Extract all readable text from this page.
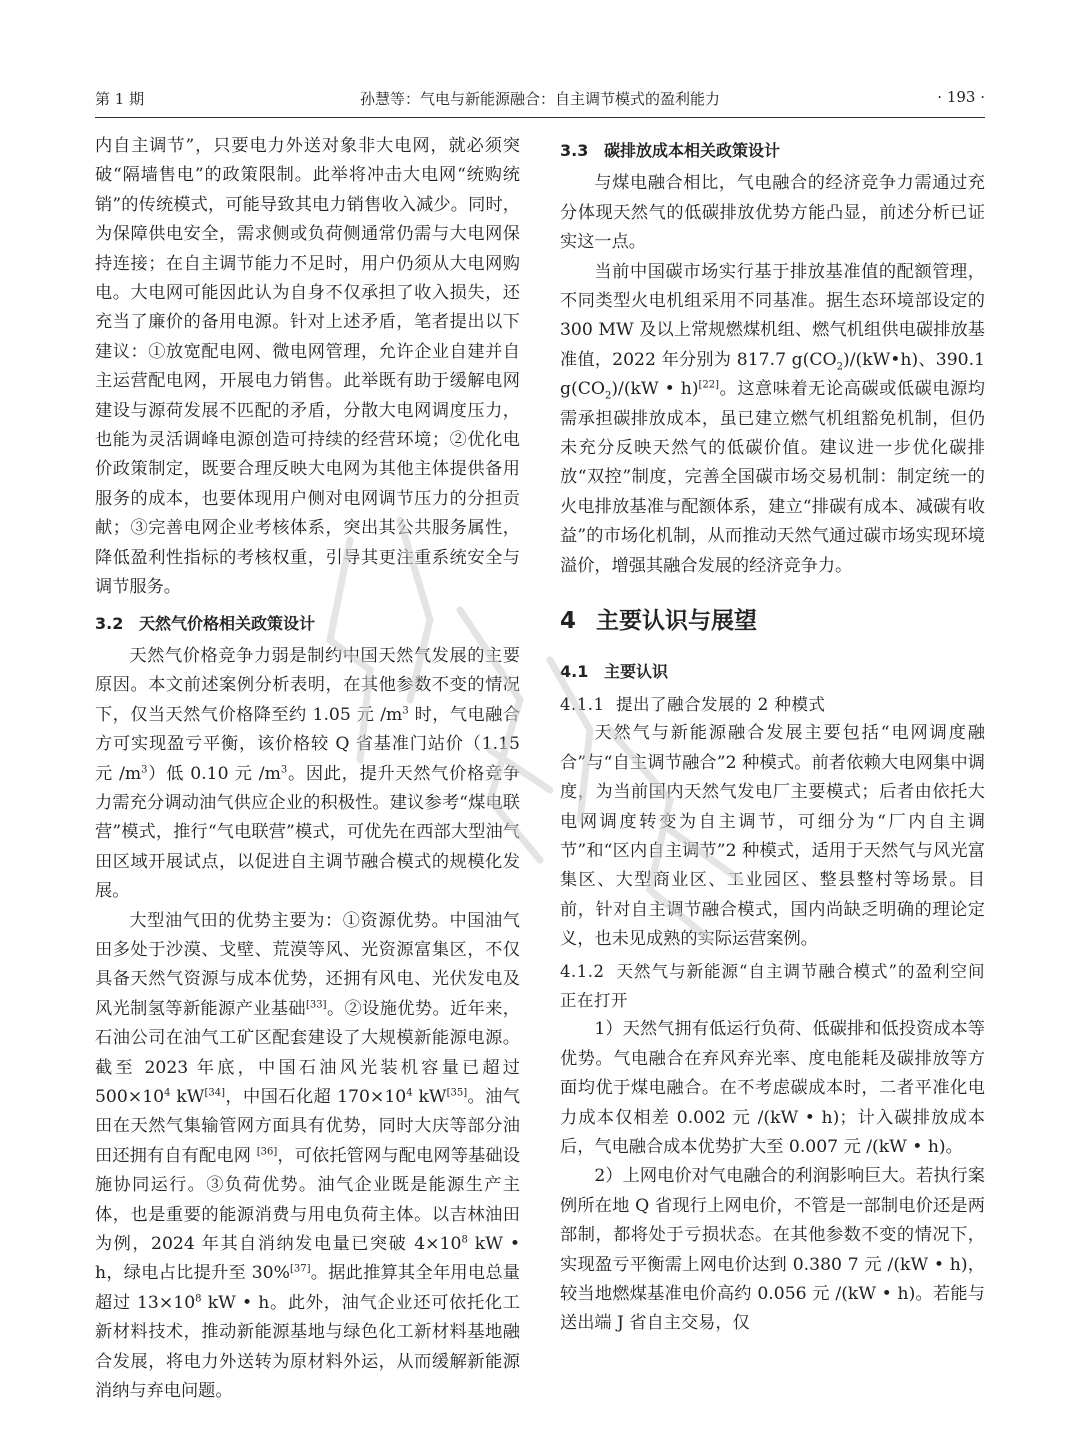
第 1 期	孙慧等：气电与新能源融合：自主调节模式的盈利能力	· 193 ·

内自主调节”，只要电力外送对象非大电网，就必须突破“隔墙售电”的政策限制。此举将冲击大电网“统购统销”的传统模式，可能导致其电力销售收入减少。同时，为保障供电安全，需求侧或负荷侧通常仍需与大电网保持连接；在自主调节能力不足时，用户仍须从大电网购电。大电网可能因此认为自身不仅承担了收入损失，还充当了廉价的备用电源。针对上述矛盾，笔者提出以下建议：①放宽配电网、微电网管理，允许企业自建并自主运营配电网，开展电力销售。此举既有助于缓解电网建设与源荷发展不匹配的矛盾，分散大电网调度压力，也能为灵活调峰电源创造可持续的经营环境；②优化电价政策制定，既要合理反映大电网为其他主体提供备用服务的成本，也要体现用户侧对电网调节压力的分担贡献；③完善电网企业考核体系，突出其公共服务属性，降低盈利性指标的考核权重，引导其更注重系统安全与调节服务。

3.2 天然气价格相关政策设计

天然气价格竞争力弱是制约中国天然气发展的主要原因。本文前述案例分析表明，在其他参数不变的情况下，仅当天然气价格降至约 1.05 元 $/m^3$ 时，气电融合方可实现盈亏平衡，该价格较 Q 省基准门站价（1.15 元 $/m^3$）低 0.10 元 $/m^3$。因此，提升天然气价格竞争力需充分调动油气供应企业的积极性。建议参考“煤电联营”模式，推行“气电联营”模式，可优先在西部大型油气田区域开展试点，以促进自主调节融合模式的规模化发展。

大型油气田的优势主要为：①资源优势。中国油气田多处于沙漠、戈壁、荒漠等风、光资源富集区，不仅具备天然气资源与成本优势，还拥有风电、光伏发电及风光制氢等新能源产业基础[33]。②设施优势。近年来，石油公司在油气工矿区配套建设了大规模新能源电源。截至 2023 年底，中国石油风光装机容量已超过 $500\times 10^4$ kW[34]，中国石化超 $170\times 10^4$ kW[35]。油气田在天然气集输管网方面具有优势，同时大庆等部分油田还拥有自有配电网 [36]，可依托管网与配电网等基础设施协同运行。③负荷优势。油气企业既是能源生产主体，也是重要的能源消费与用电负荷主体。以吉林油田为例，2024 年其自消纳发电量已突破 $4\times 10^8$ kW • h，绿电占比提升至 30%[37]。据此推算其全年用电总量超过 $13\times 10^8$ kW • h。此外，油气企业还可依托化工新材料技术，推动新能源基地与绿色化工新材料基地融合发展，将电力外送转为原材料外运，从而缓解新能源消纳与弃电问题。

3.3 碳排放成本相关政策设计

与煤电融合相比，气电融合的经济竞争力需通过充分体现天然气的低碳排放优势方能凸显，前述分析已证实这一点。

当前中国碳市场实行基于排放基准值的配额管理，不同类型火电机组采用不同基准。据生态环境部设定的 300 MW 及以上常规燃煤机组、燃气机组供电碳排放基准值，2022 年分别为 817.7 $g(CO_2)/(kW•h)$、390.1 $g(CO_2)/(kW$ • h)[22]。这意味着无论高碳或低碳电源均需承担碳排放成本，虽已建立燃气机组豁免机制，但仍未充分反映天然气的低碳价值。建议进一步优化碳排放“双控”制度，完善全国碳市场交易机制：制定统一的火电排放基准与配额体系，建立“排碳有成本、减碳有收益”的市场化机制，从而推动天然气通过碳市场实现环境溢价，增强其融合发展的经济竞争力。

4 主要认识与展望
4.1 主要认识
4.1.1 提出了融合发展的 2 种模式

天然气与新能源融合发展主要包括“电网调度融合”与“自主调节融合”2 种模式。前者依赖大电网集中调度，为当前国内天然气发电厂主要模式；后者由依托大电网调度转变为自主调节，可细分为“厂内自主调节”和“区内自主调节”2 种模式，适用于天然气与风光富集区、大型商业区、工业园区、整县整村等场景。目前，针对自主调节融合模式，国内尚缺乏明确的理论定义，也未见成熟的实际运营案例。

4.1.2 天然气与新能源“自主调节融合模式”的盈利空间正在打开

1）天然气拥有低运行负荷、低碳排和低投资成本等优势。气电融合在弃风弃光率、度电能耗及碳排放等方面均优于煤电融合。在不考虑碳成本时，二者平准化电力成本仅相差 0.002 元 /(kW • h)；计入碳排放成本后，气电融合成本优势扩大至 0.007 元 /(kW • h)。

2）上网电价对气电融合的利润影响巨大。若执行案例所在地 Q 省现行上网电价，不管是一部制电价还是两部制，都将处于亏损状态。在其他参数不变的情况下，实现盈亏平衡需上网电价达到 0.380 7 元 /(kW • h)，较当地燃煤基准电价高约 0.056 元 /(kW • h)。若能与送出端 J 省自主交易，仅
